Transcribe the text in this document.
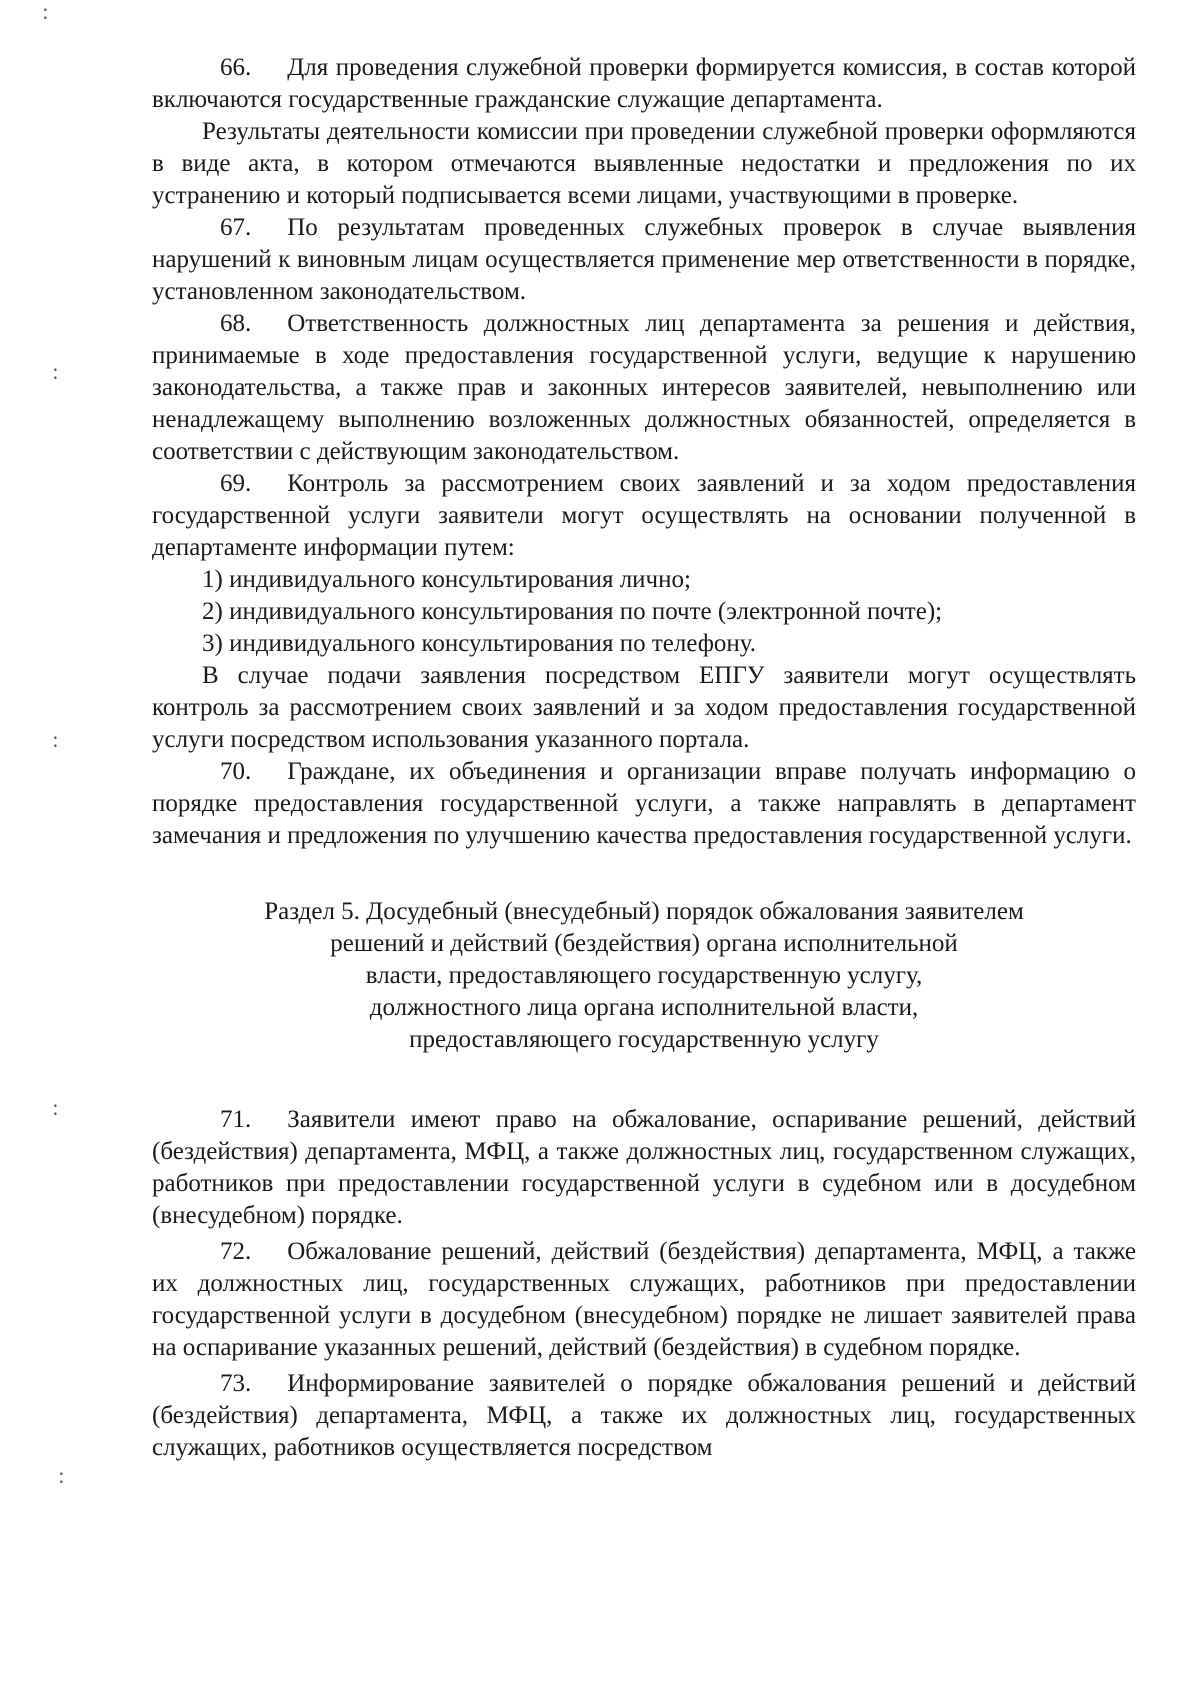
:
:
:
:
:

66. Для проведения служебной проверки формируется комиссия, в состав которой включаются государственные гражданские служащие департамента.

Результаты деятельности комиссии при проведении служебной проверки оформляются в виде акта, в котором отмечаются выявленные недостатки и предложения по их устранению и который подписывается всеми лицами, участвующими в проверке.

67. По результатам проведенных служебных проверок в случае выявления нарушений к виновным лицам осуществляется применение мер ответственности в порядке, установленном законодательством.

68. Ответственность должностных лиц департамента за решения и действия, принимаемые в ходе предоставления государственной услуги, ведущие к нарушению законодательства, а также прав и законных интересов заявителей, невыполнению или ненадлежащему выполнению возложенных должностных обязанностей, определяется в соответствии с действующим законодательством.

69. Контроль за рассмотрением своих заявлений и за ходом предоставления государственной услуги заявители могут осуществлять на основании полученной в департаменте информации путем:

1) индивидуального консультирования лично;

2) индивидуального консультирования по почте (электронной почте);

3) индивидуального консультирования по телефону.

В случае подачи заявления посредством ЕПГУ заявители могут осуществлять контроль за рассмотрением своих заявлений и за ходом предоставления государственной услуги посредством использования указанного портала.

70. Граждане, их объединения и организации вправе получать информацию о порядке предоставления государственной услуги, а также направлять в департамент замечания и предложения по улучшению качества предоставления государственной услуги.

Раздел 5. Досудебный (внесудебный) порядок обжалования заявителем
решений и действий (бездействия) органа исполнительной
власти, предоставляющего государственную услугу,
должностного лица органа исполнительной власти,
предоставляющего государственную услугу

71. Заявители имеют право на обжалование, оспаривание решений, действий (бездействия) департамента, МФЦ, а также должностных лиц, государственном служащих, работников при предоставлении государственной услуги в судебном или в досудебном (внесудебном) порядке.

72. Обжалование решений, действий (бездействия) департамента, МФЦ, а также их должностных лиц, государственных служащих, работников при предоставлении государственной услуги в досудебном (внесудебном) порядке не лишает заявителей права на оспаривание указанных решений, действий (бездействия) в судебном порядке.

73. Информирование заявителей о порядке обжалования решений и действий (бездействия) департамента, МФЦ, а также их должностных лиц, государственных служащих, работников осуществляется посредством
